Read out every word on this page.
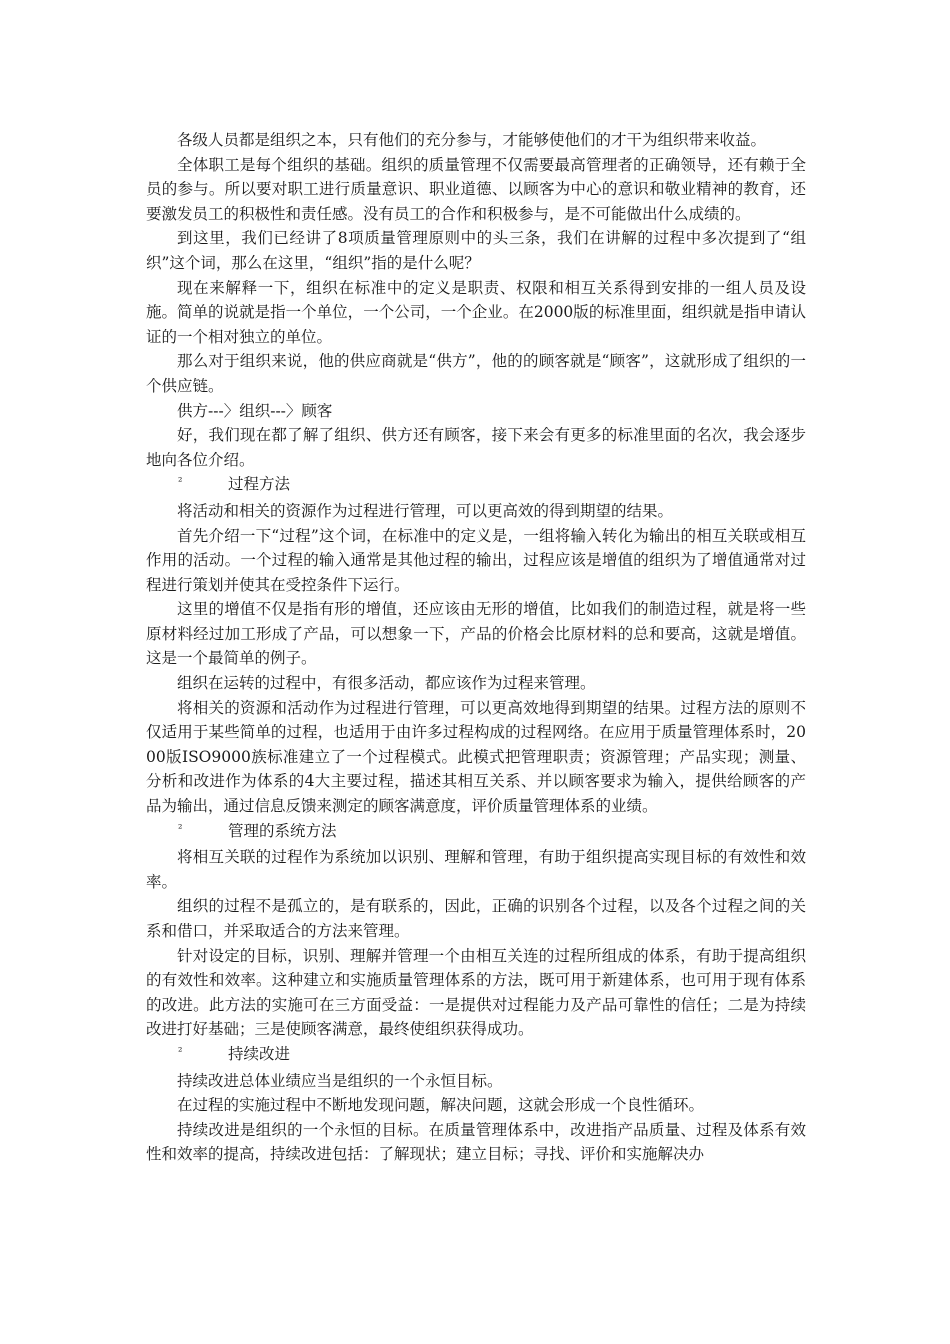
各级人员都是组织之本，只有他们的充分参与，才能够使他们的才干为组织带来收益。

全体职工是每个组织的基础。组织的质量管理不仅需要最高管理者的正确领导，还有赖于全员的参与。所以要对职工进行质量意识、职业道德、以顾客为中心的意识和敬业精神的教育，还要激发员工的积极性和责任感。没有员工的合作和积极参与，是不可能做出什么成绩的。

到这里，我们已经讲了8项质量管理原则中的头三条，我们在讲解的过程中多次提到了“组织”这个词，那么在这里，“组织”指的是什么呢？

现在来解释一下，组织在标准中的定义是职责、权限和相互关系得到安排的一组人员及设施。简单的说就是指一个单位，一个公司，一个企业。在2000版的标准里面，组织就是指申请认证的一个相对独立的单位。

那么对于组织来说，他的供应商就是“供方”，他的的顾客就是“顾客”，这就形成了组织的一个供应链。

供方---〉组织---〉顾客

好，我们现在都了解了组织、供方还有顾客，接下来会有更多的标准里面的名次，我会逐步地向各位介绍。

²	过程方法

将活动和相关的资源作为过程进行管理，可以更高效的得到期望的结果。

首先介绍一下“过程”这个词，在标准中的定义是，一组将输入转化为输出的相互关联或相互作用的活动。一个过程的输入通常是其他过程的输出，过程应该是增值的组织为了增值通常对过程进行策划并使其在受控条件下运行。

这里的增值不仅是指有形的增值，还应该由无形的增值，比如我们的制造过程，就是将一些原材料经过加工形成了产品，可以想象一下，产品的价格会比原材料的总和要高，这就是增值。这是一个最简单的例子。

组织在运转的过程中，有很多活动，都应该作为过程来管理。

将相关的资源和活动作为过程进行管理，可以更高效地得到期望的结果。过程方法的原则不仅适用于某些简单的过程，也适用于由许多过程构成的过程网络。在应用于质量管理体系时，2000版ISO9000族标准建立了一个过程模式。此模式把管理职责；资源管理；产品实现；测量、分析和改进作为体系的4大主要过程，描述其相互关系、并以顾客要求为输入，提供给顾客的产品为输出，通过信息反馈来测定的顾客满意度，评价质量管理体系的业绩。

²	管理的系统方法

将相互关联的过程作为系统加以识别、理解和管理，有助于组织提高实现目标的有效性和效率。

组织的过程不是孤立的，是有联系的，因此，正确的识别各个过程，以及各个过程之间的关系和借口，并采取适合的方法来管理。

针对设定的目标，识别、理解并管理一个由相互关连的过程所组成的体系，有助于提高组织的有效性和效率。这种建立和实施质量管理体系的方法，既可用于新建体系，也可用于现有体系的改进。此方法的实施可在三方面受益：一是提供对过程能力及产品可靠性的信任；二是为持续改进打好基础；三是使顾客满意，最终使组织获得成功。

²	持续改进

持续改进总体业绩应当是组织的一个永恒目标。

在过程的实施过程中不断地发现问题，解决问题，这就会形成一个良性循环。

持续改进是组织的一个永恒的目标。在质量管理体系中，改进指产品质量、过程及体系有效性和效率的提高，持续改进包括：了解现状；建立目标；寻找、评价和实施解决办
